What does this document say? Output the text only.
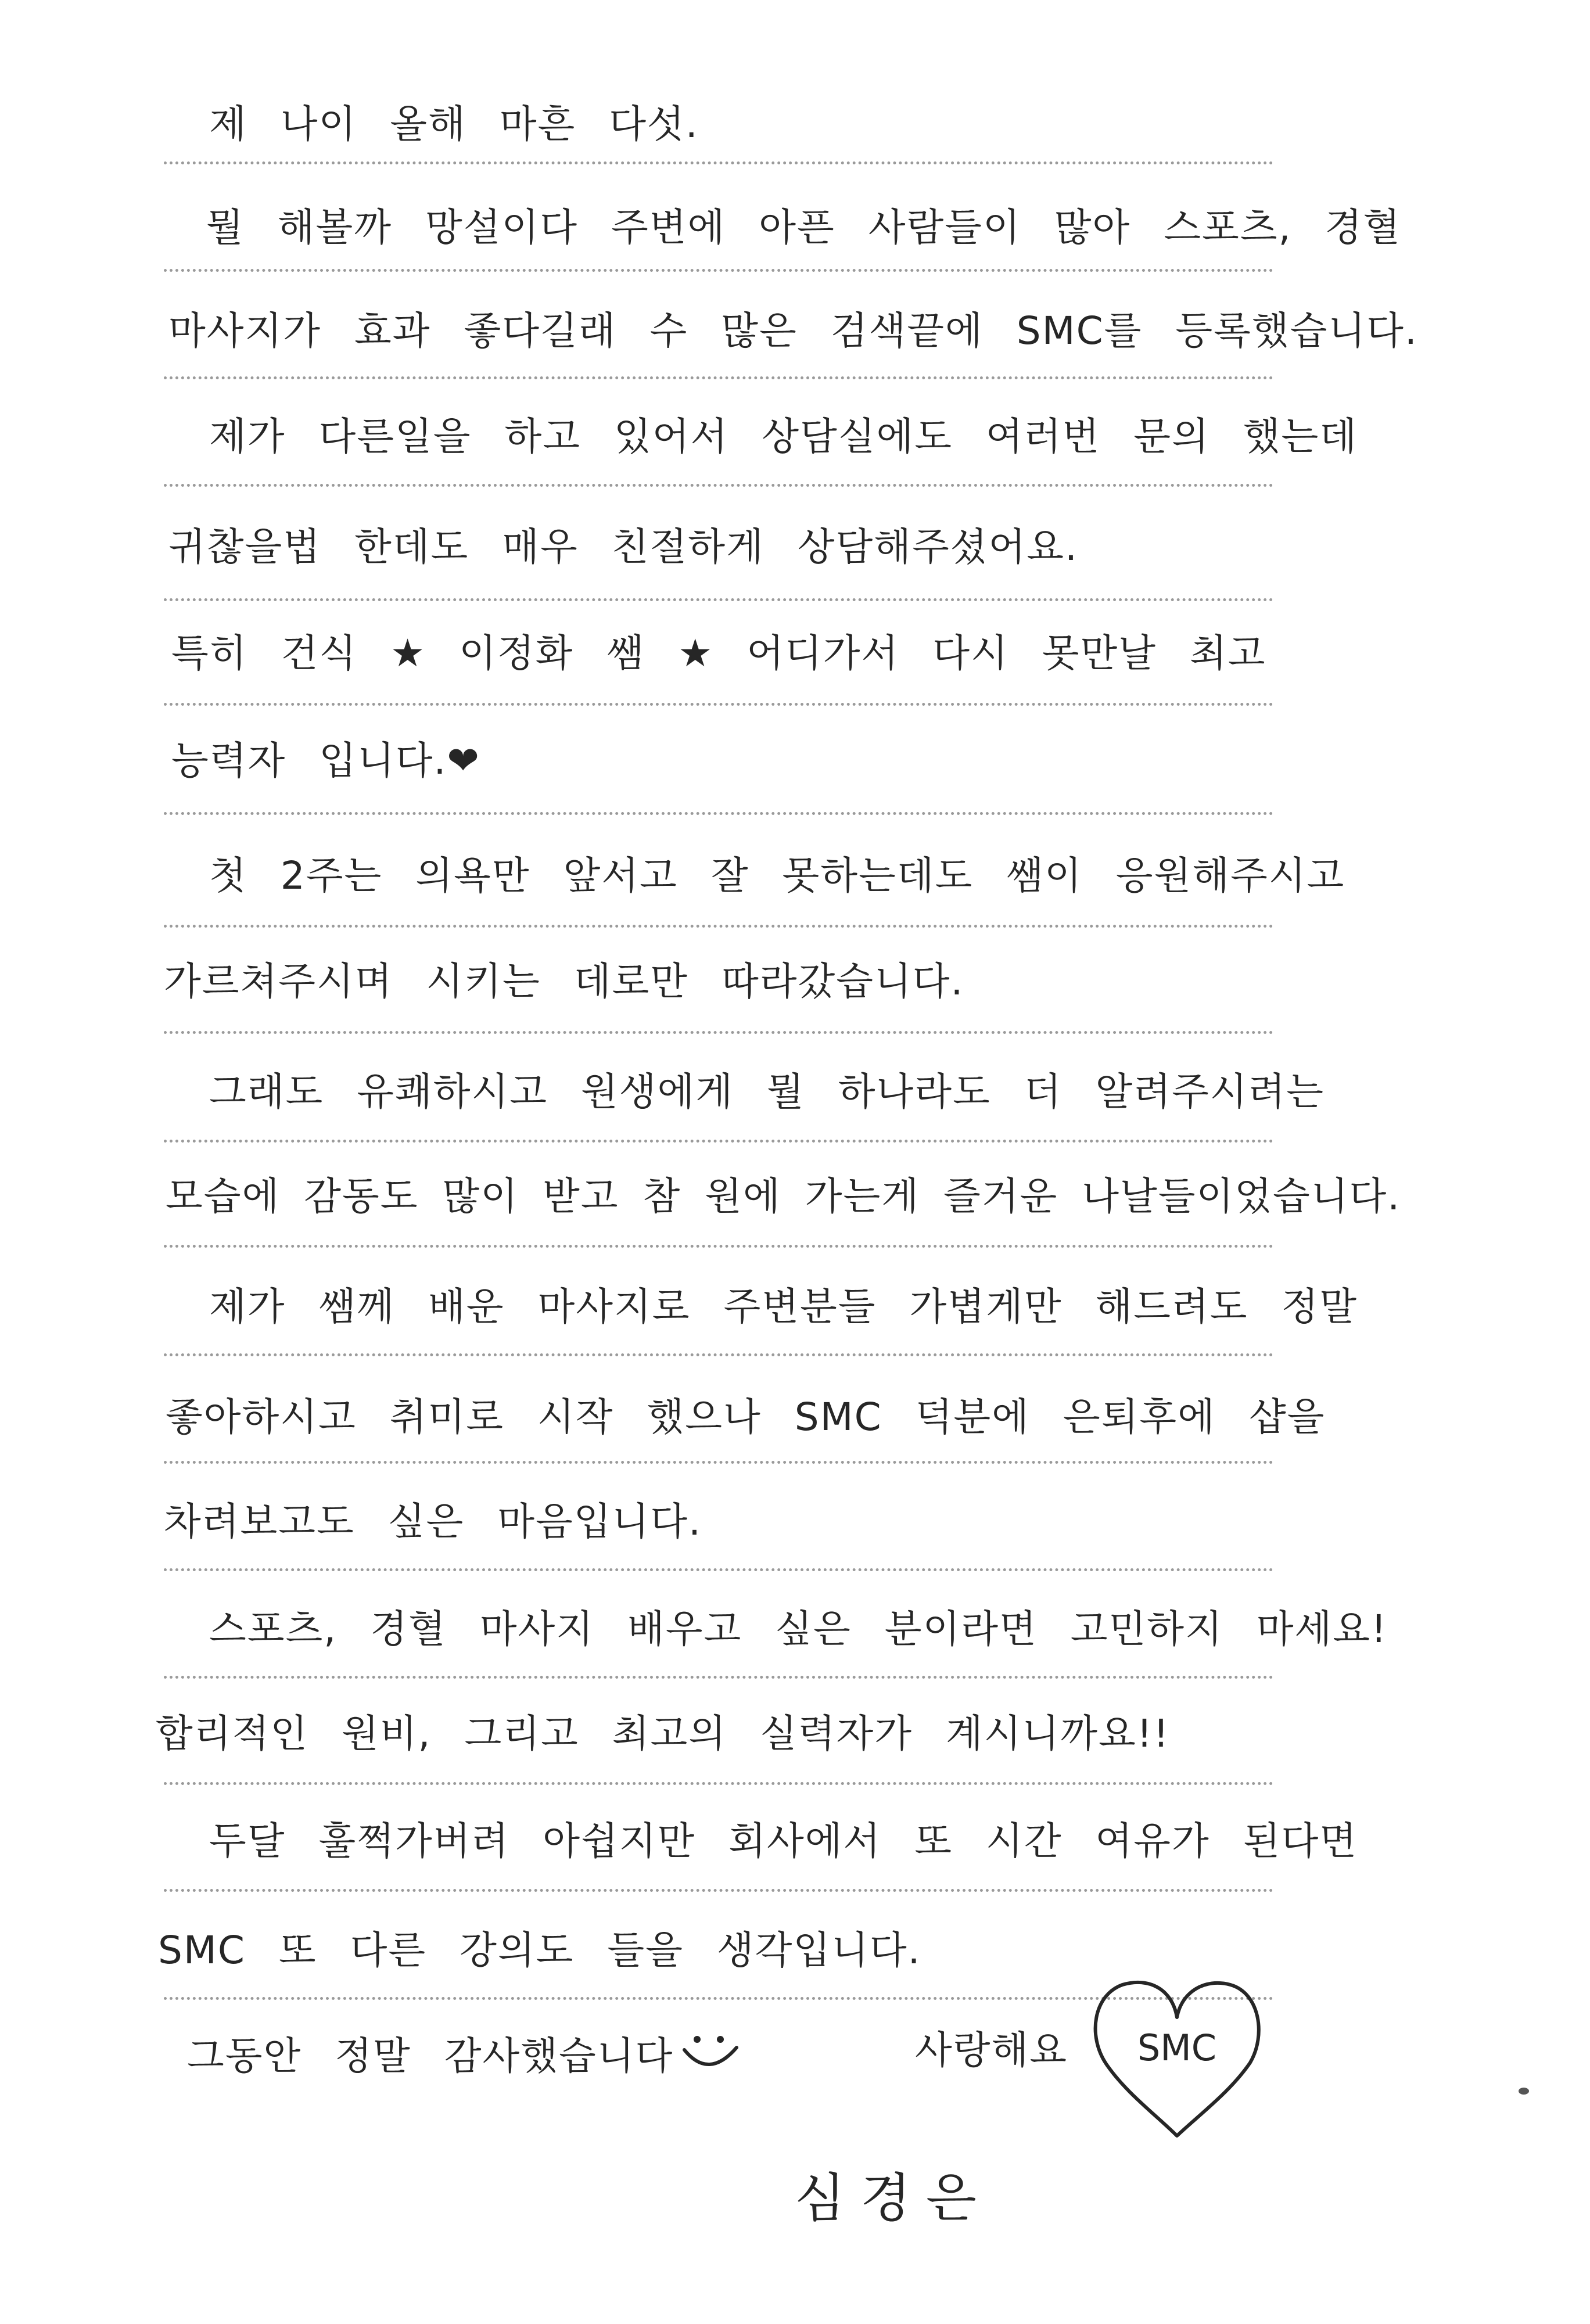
제 나이 올해 마흔 다섯.
뭘 해볼까 망설이다 주변에 아픈 사람들이 많아 스포츠, 경혈
마사지가 효과 좋다길래 수 많은 검색끝에 SMC를 등록했습니다.
제가 다른일을 하고 있어서 상담실에도 여러번 문의 했는데
귀찮을법 한데도 매우 친절하게 상담해주셨어요.
특히 건식 ★ 이정화 쌤 ★ 어디가서 다시 못만날 최고
능력자 입니다.❤
첫 2주는 의욕만 앞서고 잘 못하는데도 쌤이 응원해주시고
가르쳐주시며 시키는 데로만 따라갔습니다.
그래도 유쾌하시고 원생에게 뭘 하나라도 더 알려주시려는
모습에 감동도 많이 받고 참 원에 가는게 즐거운 나날들이었습니다.
제가 쌤께 배운 마사지로 주변분들 가볍게만 해드려도 정말
좋아하시고 취미로 시작 했으나 SMC 덕분에 은퇴후에 샵을
차려보고도 싶은 마음입니다.
스포츠, 경혈 마사지 배우고 싶은 분이라면 고민하지 마세요!
합리적인 원비, 그리고 최고의 실력자가 계시니까요!!
두달 훌쩍가버려 아쉽지만 회사에서 또 시간 여유가 된다면
SMC 또 다른 강의도 들을 생각입니다.
그동안 정말 감사했습니다	사랑해요	SMC
심경은
